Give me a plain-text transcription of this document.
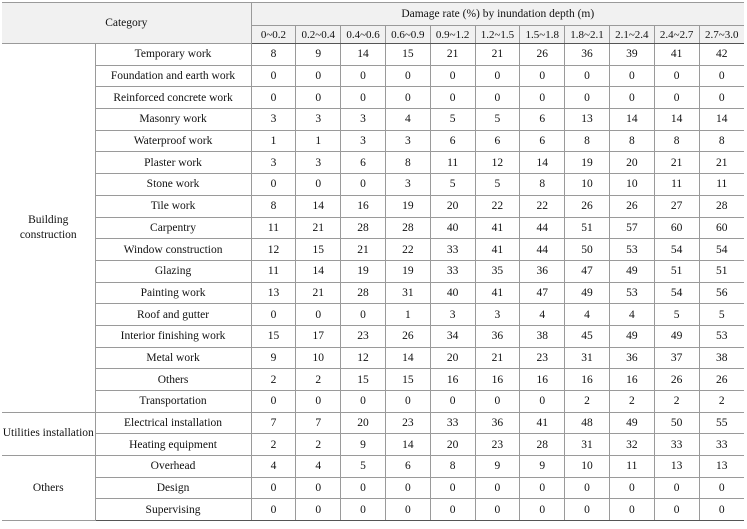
Category		Damage rate (%) by inundation depth (m)										
		0~0.2	0.2~0.4	0.4~0.6	0.6~0.9	0.9~1.2	1.2~1.5	1.5~1.8	1.8~2.1	2.1~2.4	2.4~2.7	2.7~3.0
Building construction	Temporary work	8	9	14	15	21	21	26	36	39	41	42
	Foundation and earth work	0	0	0	0	0	0	0	0	0	0	0
	Reinforced concrete work	0	0	0	0	0	0	0	0	0	0	0
	Masonry work	3	3	3	4	5	5	6	13	14	14	14
	Waterproof work	1	1	3	3	6	6	6	8	8	8	8
	Plaster work	3	3	6	8	11	12	14	19	20	21	21
	Stone work	0	0	0	3	5	5	8	10	10	11	11
	Tile work	8	14	16	19	20	22	22	26	26	27	28
	Carpentry	11	21	28	28	40	41	44	51	57	60	60
	Window construction	12	15	21	22	33	41	44	50	53	54	54
	Glazing	11	14	19	19	33	35	36	47	49	51	51
	Painting work	13	21	28	31	40	41	47	49	53	54	56
	Roof and gutter	0	0	0	1	3	3	4	4	4	5	5
	Interior finishing work	15	17	23	26	34	36	38	45	49	49	53
	Metal work	9	10	12	14	20	21	23	31	36	37	38
	Others	2	2	15	15	16	16	16	16	16	26	26
	Transportation	0	0	0	0	0	0	0	2	2	2	2
Utilities installation	Electrical installation	7	7	20	23	33	36	41	48	49	50	55
	Heating equipment	2	2	9	14	20	23	28	31	32	33	33
Others	Overhead	4	4	5	6	8	9	9	10	11	13	13
	Design	0	0	0	0	0	0	0	0	0	0	0
	Supervising	0	0	0	0	0	0	0	0	0	0	0
